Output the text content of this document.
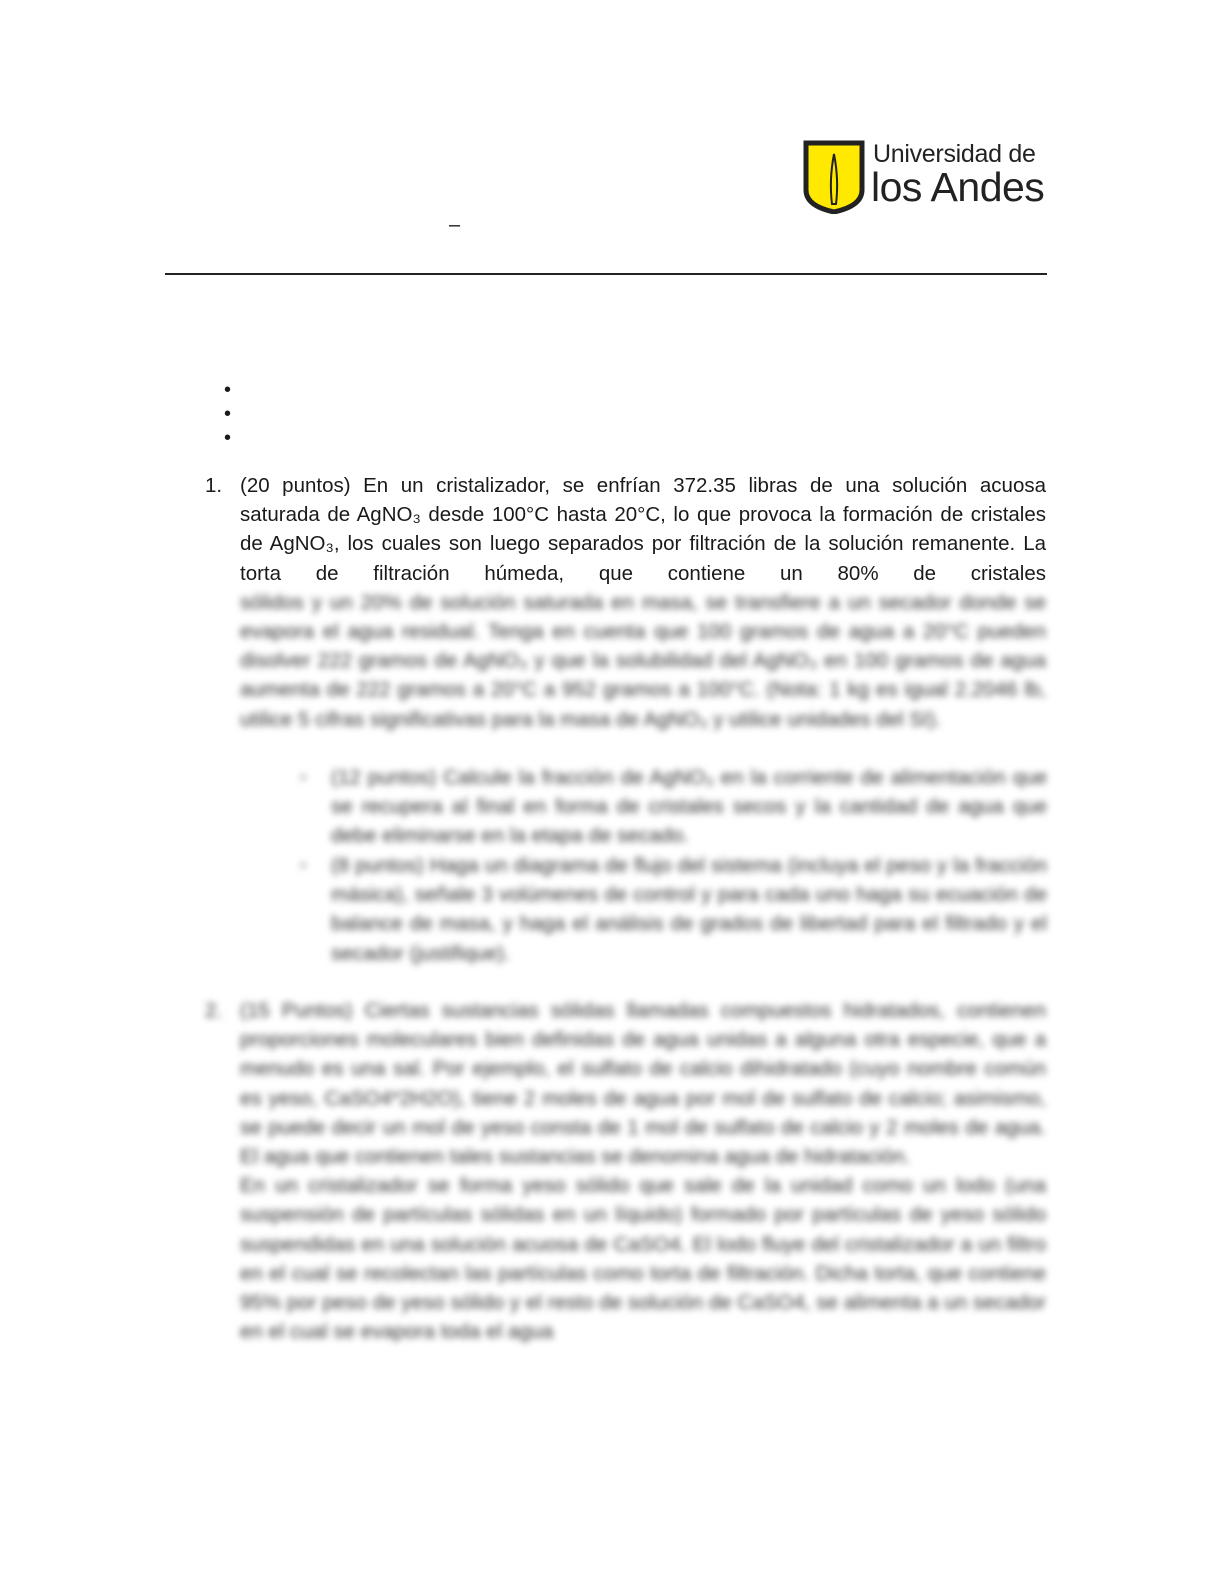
Universidad de
los Andes
–
•
•
•
1. (20 puntos) En un cristalizador, se enfrían 372.35 libras de una solución acuosa saturada de AgNO₃ desde 100°C hasta 20°C, lo que provoca la formación de cristales de AgNO₃, los cuales son luego separados por filtración de la solución remanente. La torta de filtración húmeda, que contiene un 80% de cristales

sólidos y un 20% de solución saturada en masa, se transfiere a un secador donde se evapora el agua residual. Tenga en cuenta que 100 gramos de agua a 20°C pueden disolver 222 gramos de AgNO₃ y que la solubilidad del AgNO₃ en 100 gramos de agua aumenta de 222 gramos a 20°C a 952 gramos a 100°C. (Nota: 1 kg es igual 2.2046 lb, utilice 5 cifras significativas para la masa de AgNO₃ y utilice unidades del SI).

▫ (12 puntos) Calcule la fracción de AgNO₃ en la corriente de alimentación que se recupera al final en forma de cristales secos y la cantidad de agua que debe eliminarse en la etapa de secado.
▫ (8 puntos) Haga un diagrama de flujo del sistema (incluya el peso y la fracción másica), señale 3 volúmenes de control y para cada uno haga su ecuación de balance de masa, y haga el análisis de grados de libertad para el filtrado y el secador (justifique).
2. (15 Puntos) Ciertas sustancias sólidas llamadas compuestos hidratados, contienen proporciones moleculares bien definidas de agua unidas a alguna otra especie, que a menudo es una sal. Por ejemplo, el sulfato de calcio dihidratado (cuyo nombre común es yeso, CaSO4*2H2O), tiene 2 moles de agua por mol de sulfato de calcio; asimismo, se puede decir un mol de yeso consta de 1 mol de sulfato de calcio y 2 moles de agua. El agua que contienen tales sustancias se denomina agua de hidratación.

En un cristalizador se forma yeso sólido que sale de la unidad como un lodo (una suspensión de partículas sólidas en un líquido) formado por partículas de yeso sólido suspendidas en una solución acuosa de CaSO4. El lodo fluye del cristalizador a un filtro en el cual se recolectan las partículas como torta de filtración. Dicha torta, que contiene 95% por peso de yeso sólido y el resto de solución de CaSO4, se alimenta a un secador en el cual se evapora toda el agua
